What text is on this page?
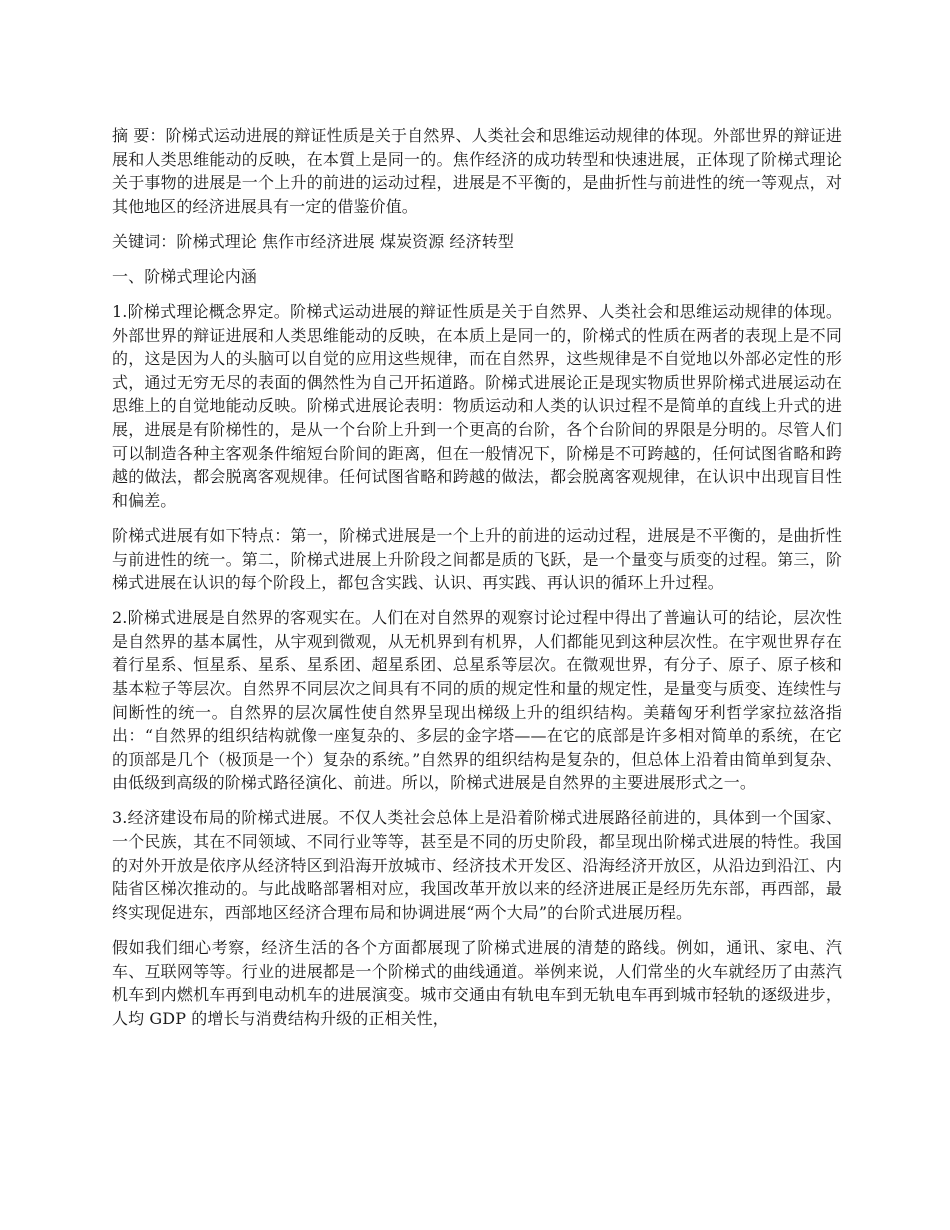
摘 要：阶梯式运动进展的辩证性质是关于自然界、人类社会和思维运动规律的体现。外部世界的辩证进展和人类思维能动的反映，在本質上是同一的。焦作经济的成功转型和快速进展，正体现了阶梯式理论关于事物的进展是一个上升的前进的运动过程，进展是不平衡的，是曲折性与前进性的统一等观点，对其他地区的经济进展具有一定的借鉴价值。

关键词：阶梯式理论 焦作市经济进展 煤炭资源 经济转型

一、阶梯式理论内涵

1.阶梯式理论概念界定。阶梯式运动进展的辩证性质是关于自然界、人类社会和思维运动规律的体现。外部世界的辩证进展和人类思维能动的反映，在本质上是同一的，阶梯式的性质在两者的表现上是不同的，这是因为人的头脑可以自觉的应用这些规律，而在自然界，这些规律是不自觉地以外部必定性的形式，通过无穷无尽的表面的偶然性为自己开拓道路。阶梯式进展论正是现实物质世界阶梯式进展运动在思维上的自觉地能动反映。阶梯式进展论表明：物质运动和人类的认识过程不是简单的直线上升式的进展，进展是有阶梯性的，是从一个台阶上升到一个更高的台阶，各个台阶间的界限是分明的。尽管人们可以制造各种主客观条件缩短台阶间的距离，但在一般情况下，阶梯是不可跨越的，任何试图省略和跨越的做法，都会脱离客观规律。任何试图省略和跨越的做法，都会脱离客观规律，在认识中出现盲目性和偏差。

阶梯式进展有如下特点：第一，阶梯式进展是一个上升的前进的运动过程，进展是不平衡的，是曲折性与前进性的统一。第二，阶梯式进展上升阶段之间都是质的飞跃，是一个量变与质变的过程。第三，阶梯式进展在认识的每个阶段上，都包含实践、认识、再实践、再认识的循环上升过程。

2.阶梯式进展是自然界的客观实在。人们在对自然界的观察讨论过程中得出了普遍认可的结论，层次性是自然界的基本属性，从宇观到微观，从无机界到有机界，人们都能见到这种层次性。在宇观世界存在着行星系、恒星系、星系、星系团、超星系团、总星系等层次。在微观世界，有分子、原子、原子核和基本粒子等层次。自然界不同层次之间具有不同的质的规定性和量的规定性，是量变与质变、连续性与间断性的统一。自然界的层次属性使自然界呈现出梯级上升的组织结构。美藉匈牙利哲学家拉兹洛指出：“自然界的组织结构就像一座复杂的、多层的金字塔——在它的底部是许多相对简单的系统，在它的顶部是几个（极顶是一个）复杂的系统。”自然界的组织结构是复杂的，但总体上沿着由简单到复杂、由低级到高级的阶梯式路径演化、前进。所以，阶梯式进展是自然界的主要进展形式之一。

3.经济建设布局的阶梯式进展。不仅人类社会总体上是沿着阶梯式进展路径前进的，具体到一个国家、一个民族，其在不同领域、不同行业等等，甚至是不同的历史阶段，都呈现出阶梯式进展的特性。我国的对外开放是依序从经济特区到沿海开放城市、经济技术开发区、沿海经济开放区，从沿边到沿江、内陆省区梯次推动的。与此战略部署相对应，我国改革开放以来的经济进展正是经历先东部，再西部，最终实现促进东，西部地区经济合理布局和协调进展“两个大局”的台阶式进展历程。

假如我们细心考察，经济生活的各个方面都展现了阶梯式进展的清楚的路线。例如，通讯、家电、汽车、互联网等等。行业的进展都是一个阶梯式的曲线通道。举例来说，人们常坐的火车就经历了由蒸汽机车到内燃机车再到电动机车的进展演变。城市交通由有轨电车到无轨电车再到城市轻轨的逐级进步，人均 GDP 的增长与消费结构升级的正相关性，
